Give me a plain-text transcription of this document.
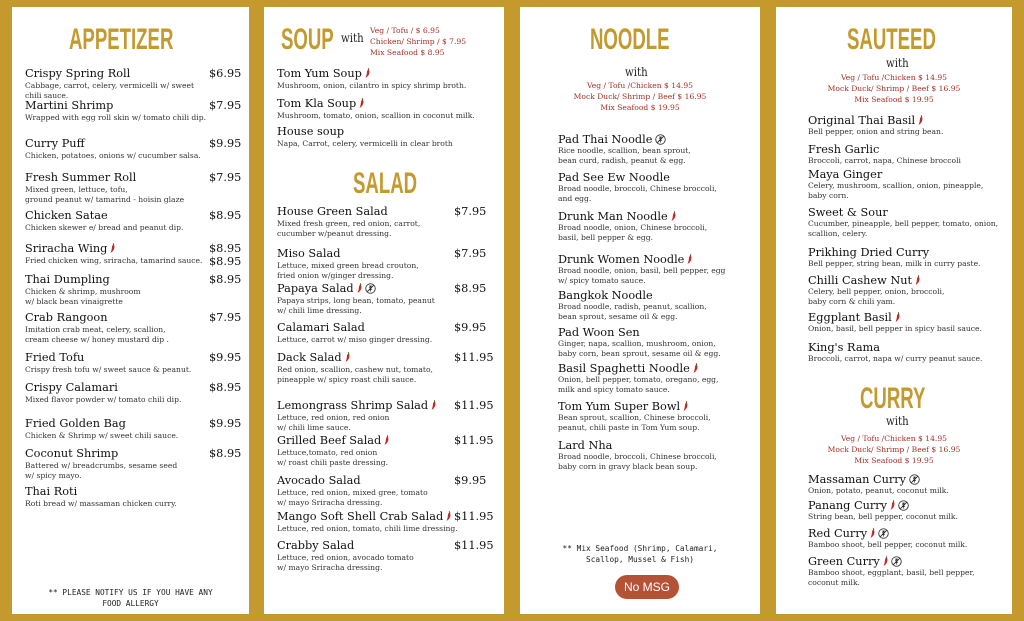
APPETIZER
Crispy Spring Roll	$6.95
Cabbage, carrot, celery, vermicelli w/ sweet
chili sauce.
Martini Shrimp	$7.95
Wrapped with egg roll skin w/ tomato chili dip.
Curry Puff	$9.95
Chicken, potatoes, onions w/ cucumber salsa.
Fresh Summer Roll	$7.95
Mixed green, lettuce, tofu,
ground peanut w/ tamarind - hoisin glaze
Chicken Satae	$8.95
Chicken skewer e/ bread and peanut dip.
Sriracha Wing	$8.95
$8.95
Fried chicken wing, sriracha, tamarind sauce.
Thai Dumpling	$8.95
Chicken & shrimp, mushroom
w/ black bean vinaigrette
Crab Rangoon	$7.95
Imitation crab meat, celery, scallion,
cream cheese w/ honey mustard dip .
Fried Tofu	$9.95
Crispy fresh tofu w/ sweet sauce & peanut.
Crispy Calamari	$8.95
Mixed flavor powder w/ tomato chili dip.
Fried Golden Bag	$9.95
Chicken & Shrimp w/ sweet chili sauce.
Coconut Shrimp	$8.95
Battered w/ breadcrumbs, sesame seed
w/ spicy mayo.
Thai Roti
Roti bread w/ massaman chicken curry.
** PLEASE NOTIFY US IF YOU HAVE ANY
FOOD ALLERGY
SOUP with
Veg / Tofu / $ 6.95
Chicken/ Shrimp / $ 7.95
Mix Seafood $ 8.95
Tom Yum Soup
Mushroom, onion, cilantro in spicy shrimp broth.
Tom Kla Soup
Mushroom, tomato, onion, scallion in coconut milk.
House soup
Napa, Carrot, celery, vermicelli in clear broth
SALAD
House Green Salad	$7.95
Mixed fresh green, red onion, carrot,
cucumber w/peanut dressing.
Miso Salad	$7.95
Lettuce, mixed green bread crouton,
fried onion w/ginger dressing.
Papaya Salad	$8.95
Papaya strips, long bean, tomato, peanut
w/ chili lime dressing.
Calamari Salad	$9.95
Lettuce, carrot w/ miso ginger dressing.
Dack Salad	$11.95
Red onion, scallion, cashew nut, tomato,
pineapple w/ spicy roast chili sauce.
Lemongrass Shrimp Salad	$11.95
Lettuce, red onion, red onion
w/ chili lime sauce.
Grilled Beef Salad	$11.95
Lettuce,tomato, red onion
w/ roast chili paste dressing.
Avocado Salad	$9.95
Lettuce, red onion, mixed gree, tomato
w/ mayo Sriracha dressing.
Mango Soft Shell Crab Salad $11.95
Lettuce, red onion, tomato, chili lime dressing.
Crabby Salad	$11.95
Lettuce, red onion, avocado tomato
w/ mayo Sriracha dressing.
NOODLE
with
Veg / Tofu /Chicken $ 14.95
Mock Duck/ Shrimp / Beef $ 16.95
Mix Seafood $ 19.95
Pad Thai Noodle
Rice noodle, scallion, bean sprout,
bean curd, radish, peanut & egg.
Pad See Ew Noodle
Broad noodle, broccoli, Chinese broccoli,
and egg.
Drunk Man Noodle
Broad noodle, onion, Chinese broccoli,
basil, bell pepper & egg.
Drunk Women Noodle
Broad noodle, onion, basil, bell pepper, egg
w/ spicy tomato sauce.
Bangkok Noodle
Broad noodle, radish, peanut, scallion,
bean sprout, sesame oil & egg.
Pad Woon Sen
Ginger, napa, scallion, mushroom, onion,
baby corn, bean sprout, sesame oil & egg.
Basil Spaghetti Noodle
Onion, bell pepper, tomato, oregano, egg,
milk and spicy tomato sauce.
Tom Yum Super Bowl
Bean sprout, scallion, Chinese broccoli,
peanut, chili paste in Tom Yum soup.
Lard Nha
Broad noodle, broccoli, Chinese broccoli,
baby corn in gravy black bean soup.
** Mix Seafood (Shrimp, Calamari,
Scallop, Mussel & Fish)
No MSG
SAUTEED
with
Veg / Tofu /Chicken $ 14.95
Mock Duck/ Shrimp / Beef $ 16.95
Mix Seafood $ 19.95
Original Thai Basil
Bell pepper, onion and string bean.
Fresh Garlic
Broccoli, carrot, napa, Chinese broccoli
Maya Ginger
Celery, mushroom, scallion, onion, pineapple,
baby corn.
Sweet & Sour
Cucumber, pineapple, bell pepper, tomato, onion,
scallion, celery.
Prikhing Dried Curry
Bell pepper, string bean, milk in curry paste.
Chilli Cashew Nut
Celery, bell pepper, onion, broccoli,
baby corn & chili yam.
Eggplant Basil
Onion, basil, bell pepper in spicy basil sauce.
King's Rama
Broccoli, carrot, napa w/ curry peanut sauce.
CURRY
with
Veg / Tofu /Chicken $ 14.95
Mock Duck/ Shrimp / Beef $ 16.95
Mix Seafood $ 19.95
Massaman Curry
Onion, potato, peanut, coconut milk.
Panang Curry
String bean, bell pepper, coconut milk.
Red Curry
Bamboo shoot, bell pepper, coconut milk.
Green Curry
Bamboo shoot, eggplant, basil, bell pepper,
coconut milk.
